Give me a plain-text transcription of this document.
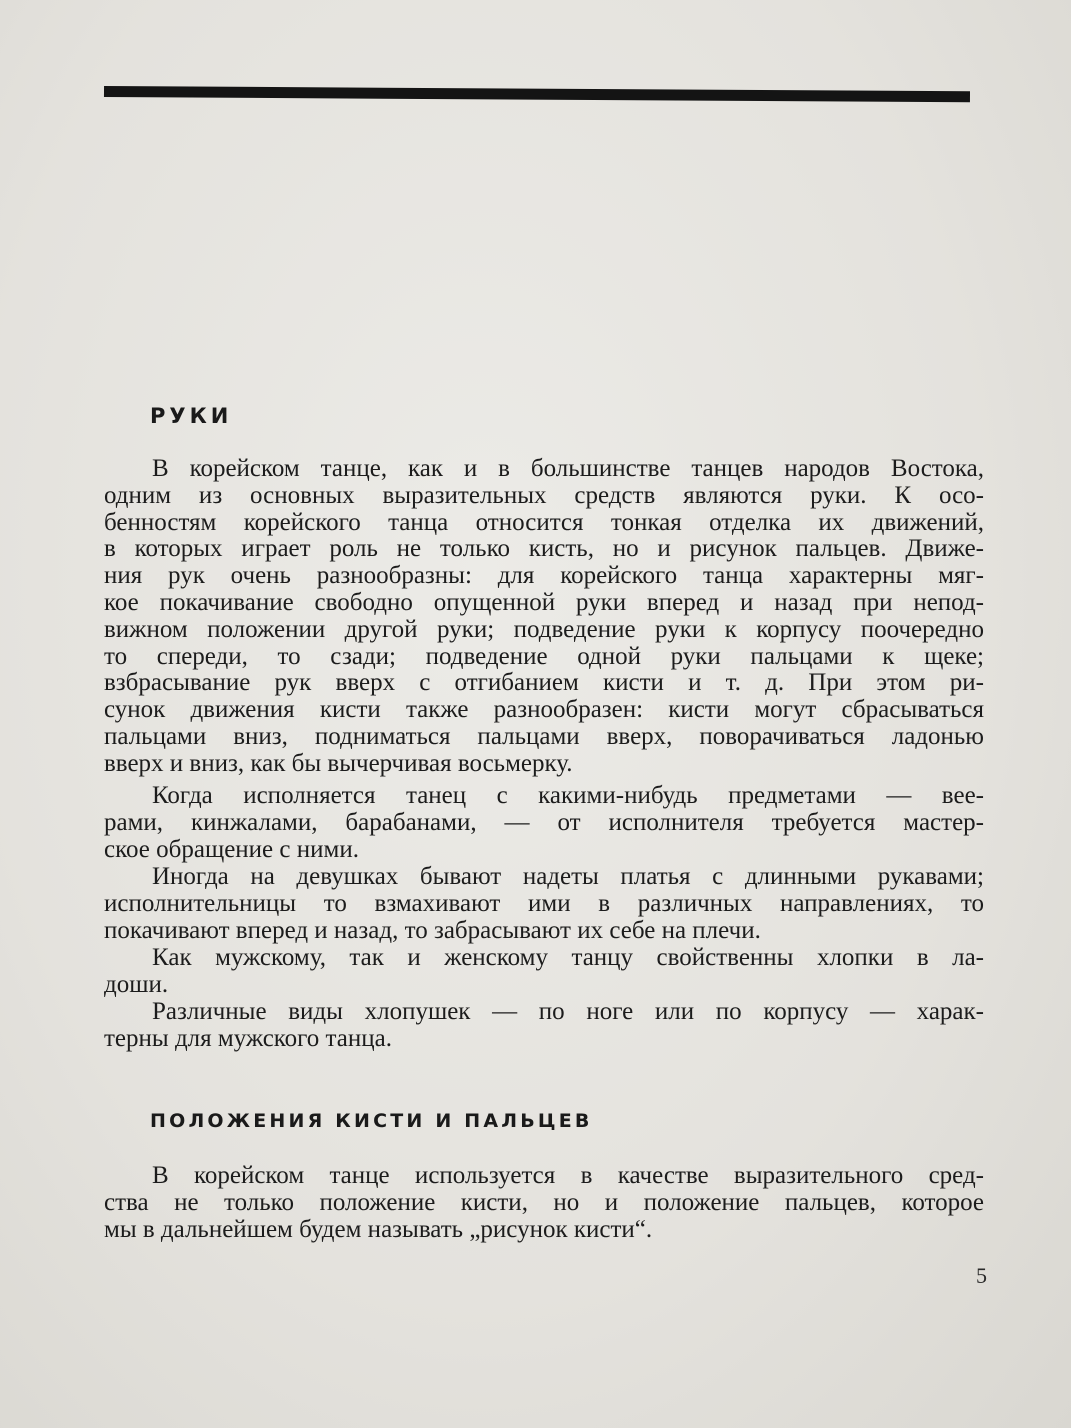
РУКИ

В корейском танце, как и в большинстве танцев народов Востока,
одним из основных выразительных средств являются руки. К осо-
бенностям корейского танца относится тонкая отделка их движений,
в которых играет роль не только кисть, но и рисунок пальцев. Движе-
ния рук очень разнообразны: для корейского танца характерны мяг-
кое покачивание свободно опущенной руки вперед и назад при непод-
вижном положении другой руки; подведение руки к корпусу поочередно
то спереди, то сзади; подведение одной руки пальцами к щеке;
взбрасывание рук вверх с отгибанием кисти и т. д. При этом ри-
сунок движения кисти также разнообразен: кисти могут сбрасываться
пальцами вниз, подниматься пальцами вверх, поворачиваться ладонью
вверх и вниз, как бы вычерчивая восьмерку.

Когда исполняется танец с какими-нибудь предметами — вее-
рами, кинжалами, барабанами, — от исполнителя требуется мастер-
ское обращение с ними.

Иногда на девушках бывают надеты платья с длинными рукавами;
исполнительницы то взмахивают ими в различных направлениях, то
покачивают вперед и назад, то забрасывают их себе на плечи.

Как мужскому, так и женскому танцу свойственны хлопки в ла-
доши.

Различные виды хлопушек — по ноге или по корпусу — харак-
терны для мужского танца.

ПОЛОЖЕНИЯ КИСТИ И ПАЛЬЦЕВ

В корейском танце используется в качестве выразительного сред-
ства не только положение кисти, но и положение пальцев, которое
мы в дальнейшем будем называть „рисунок кисти“.

5
